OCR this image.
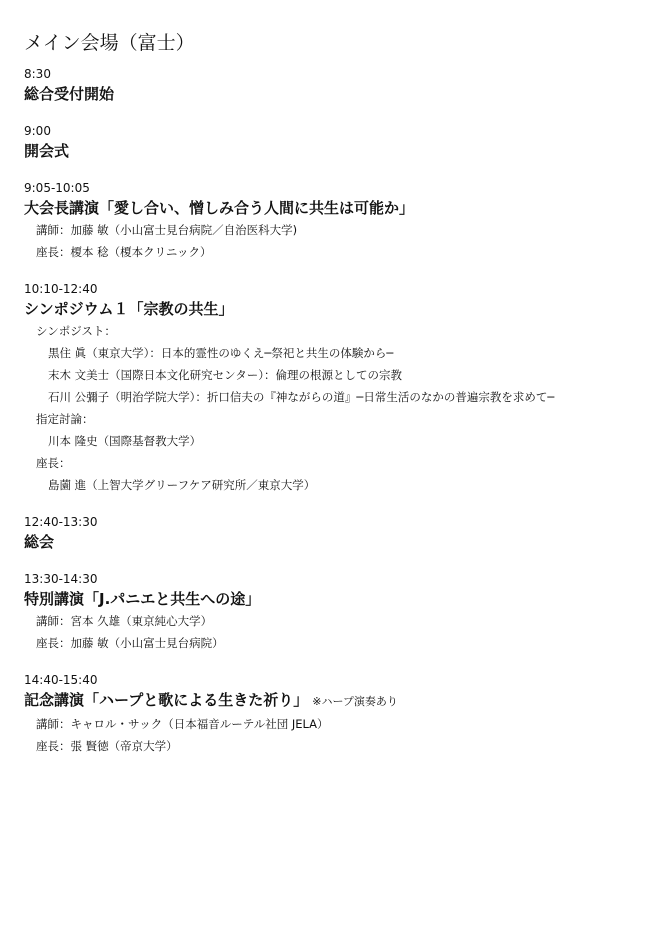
メイン会場（富士）
8:30
総合受付開始
9:00
開会式
9:05-10:05
大会長講演「愛し合い、憎しみ合う人間に共生は可能か」
講師：加藤 敏（小山富士見台病院／自治医科大学)
座長：榎本 稔（榎本クリニック）
10:10-12:40
シンポジウム１「宗教の共生」
シンポジスト：
黒住 眞（東京大学）：日本的霊性のゆくえ─祭祀と共生の体験から─
末木 文美士（国際日本文化研究センター）：倫理の根源としての宗教
石川 公彌子（明治学院大学）：折口信夫の『神ながらの道』─日常生活のなかの普遍宗教を求めて─
指定討論：
川本 隆史（国際基督教大学）
座長：
島薗 進（上智大学グリーフケア研究所／東京大学）
12:40-13:30
総会
13:30-14:30
特別講演「J.パニエと共生への途」
講師：宮本 久雄（東京純心大学）
座長：加藤 敏（小山富士見台病院）
14:40-15:40
記念講演「ハープと歌による生きた祈り」 ※ハープ演奏あり
講師：キャロル・サック（日本福音ルーテル社団 JELA）
座長：張 賢徳（帝京大学）
